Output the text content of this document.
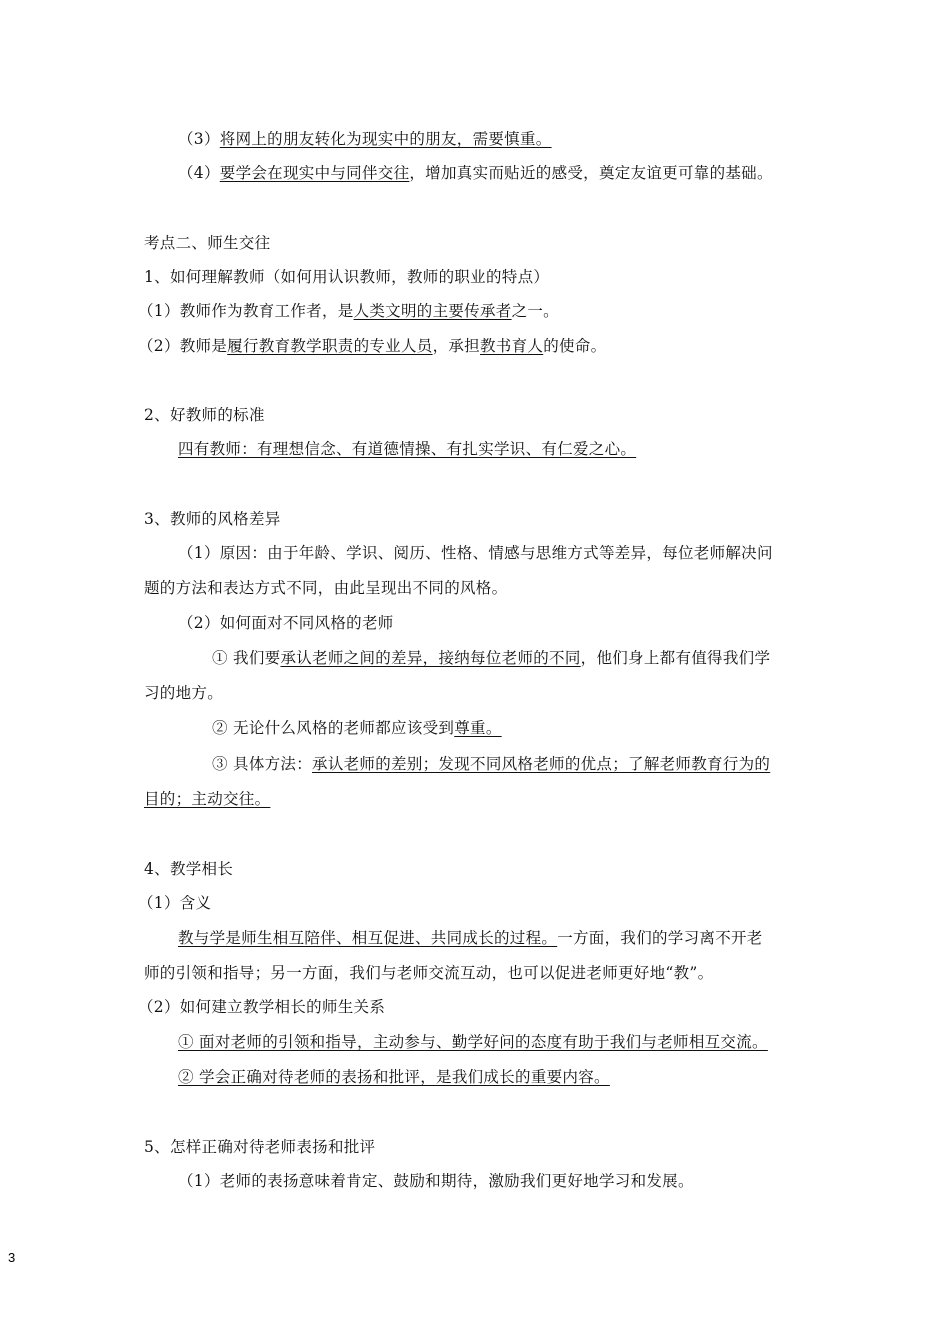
（3）将网上的朋友转化为现实中的朋友，需要慎重。
（4）要学会在现实中与同伴交往，增加真实而贴近的感受，奠定友谊更可靠的基础。
考点二、师生交往
1、如何理解教师（如何用认识教师，教师的职业的特点）
（1）教师作为教育工作者，是人类文明的主要传承者之一。
（2）教师是履行教育教学职责的专业人员，承担教书育人的使命。
2、好教师的标准
四有教师：有理想信念、有道德情操、有扎实学识、有仁爱之心。
3、教师的风格差异
（1）原因：由于年龄、学识、阅历、性格、情感与思维方式等差异，每位老师解决问
题的方法和表达方式不同，由此呈现出不同的风格。
（2）如何面对不同风格的老师
① 我们要承认老师之间的差异，接纳每位老师的不同，他们身上都有值得我们学
习的地方。
② 无论什么风格的老师都应该受到尊重。
③ 具体方法：承认老师的差别；发现不同风格老师的优点；了解老师教育行为的
目的；主动交往。
4、教学相长
（1）含义
教与学是师生相互陪伴、相互促进、共同成长的过程。一方面，我们的学习离不开老
师的引领和指导；另一方面，我们与老师交流互动，也可以促进老师更好地“教”。
（2）如何建立教学相长的师生关系
① 面对老师的引领和指导，主动参与、勤学好问的态度有助于我们与老师相互交流。
② 学会正确对待老师的表扬和批评，是我们成长的重要内容。
5、怎样正确对待老师表扬和批评
（1）老师的表扬意味着肯定、鼓励和期待，激励我们更好地学习和发展。
3
